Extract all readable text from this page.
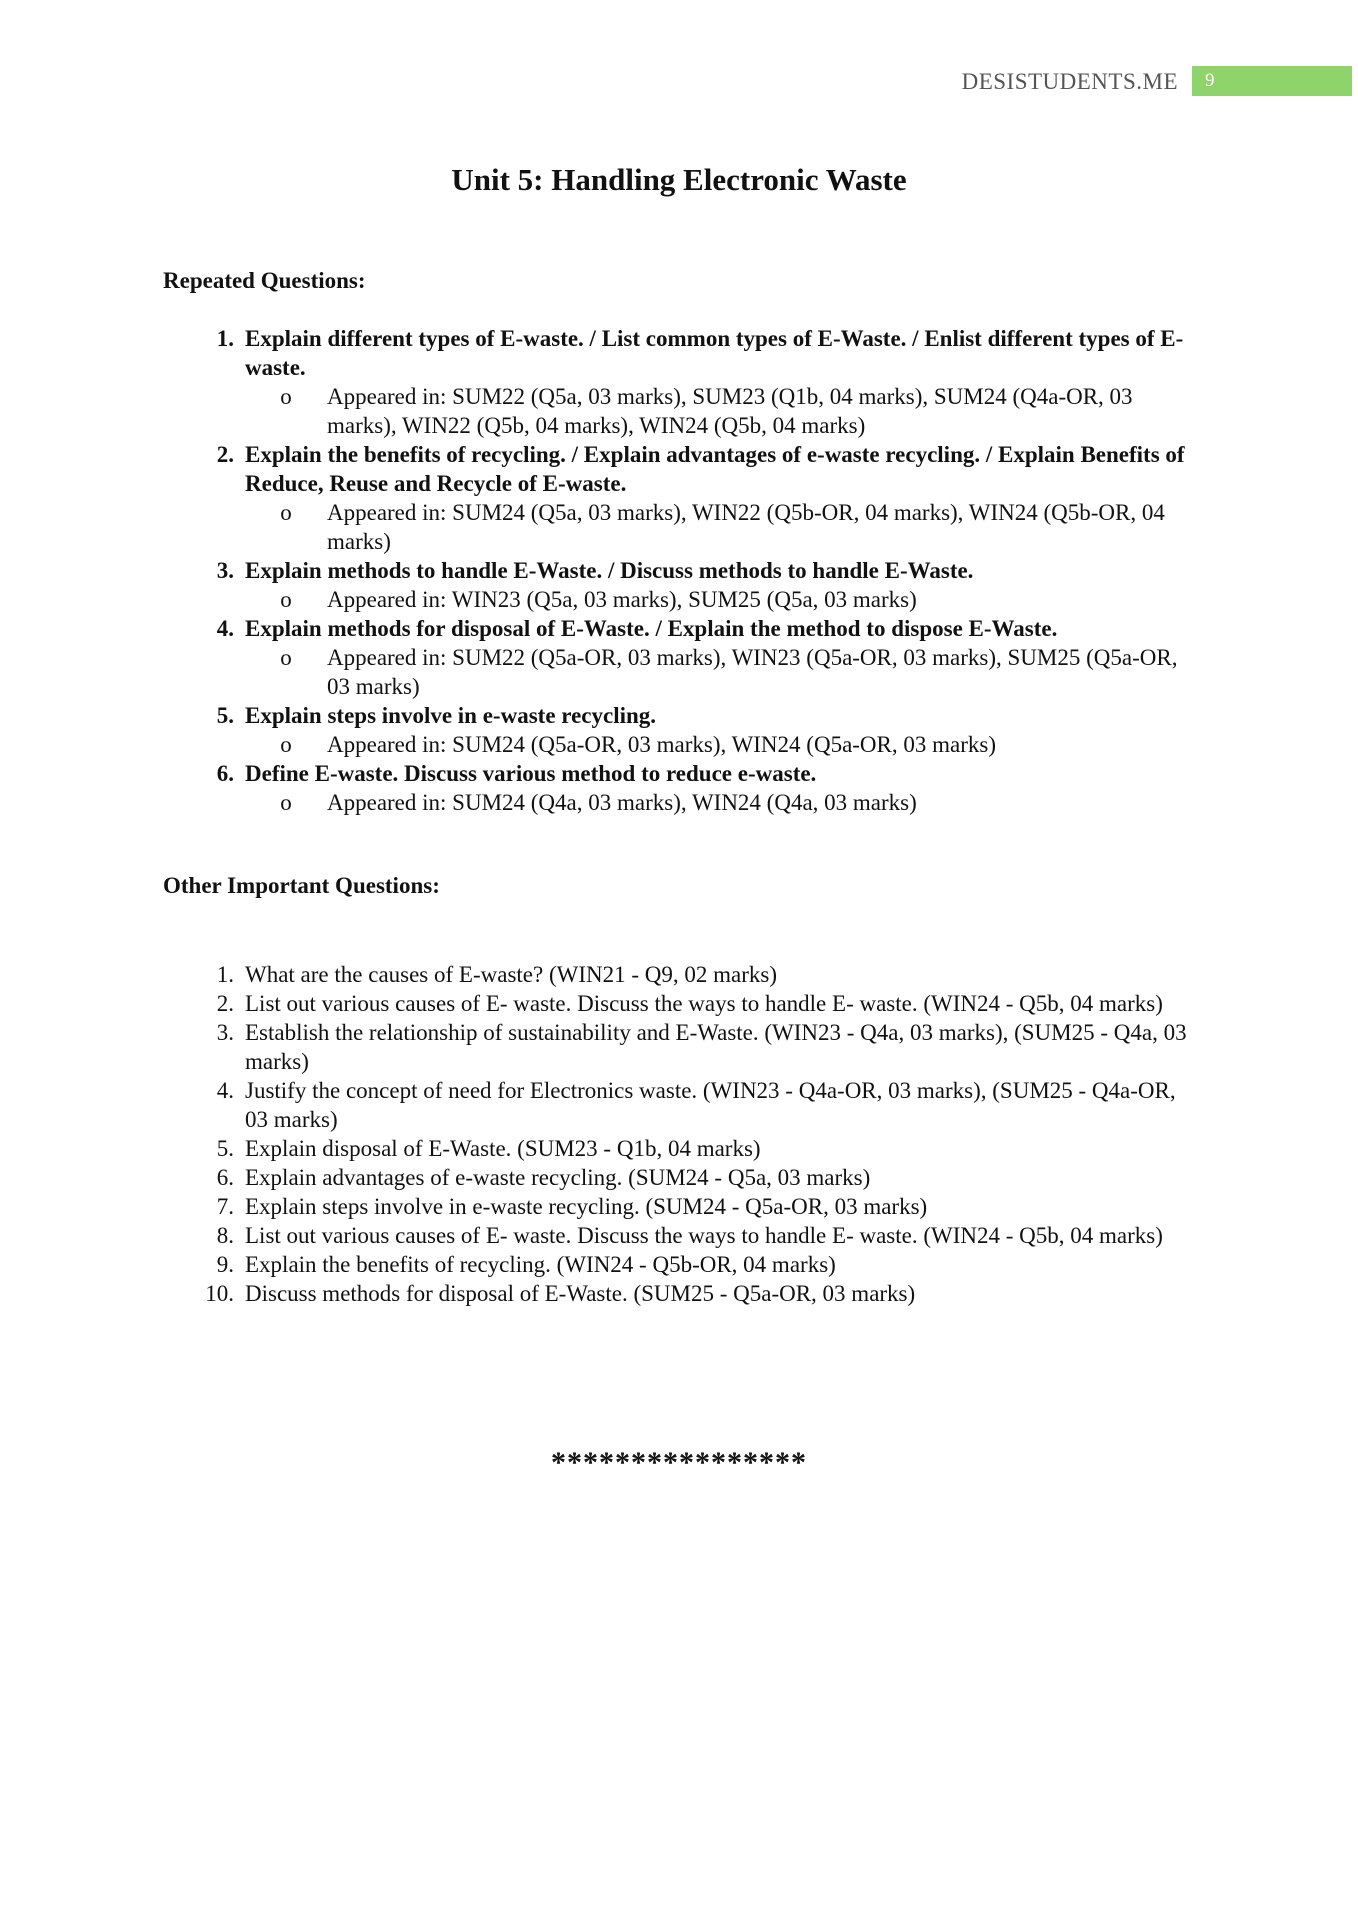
DESISTUDENTS.ME	9
Unit 5: Handling Electronic Waste
Repeated Questions:
1. Explain different types of E-waste. / List common types of E-Waste. / Enlist different types of E-waste.
o	Appeared in: SUM22 (Q5a, 03 marks), SUM23 (Q1b, 04 marks), SUM24 (Q4a-OR, 03 marks), WIN22 (Q5b, 04 marks), WIN24 (Q5b, 04 marks)
2. Explain the benefits of recycling. / Explain advantages of e-waste recycling. / Explain Benefits of Reduce, Reuse and Recycle of E-waste.
o	Appeared in: SUM24 (Q5a, 03 marks), WIN22 (Q5b-OR, 04 marks), WIN24 (Q5b-OR, 04 marks)
3. Explain methods to handle E-Waste. / Discuss methods to handle E-Waste.
o	Appeared in: WIN23 (Q5a, 03 marks), SUM25 (Q5a, 03 marks)
4. Explain methods for disposal of E-Waste. / Explain the method to dispose E-Waste.
o	Appeared in: SUM22 (Q5a-OR, 03 marks), WIN23 (Q5a-OR, 03 marks), SUM25 (Q5a-OR, 03 marks)
5. Explain steps involve in e-waste recycling.
o	Appeared in: SUM24 (Q5a-OR, 03 marks), WIN24 (Q5a-OR, 03 marks)
6. Define E-waste. Discuss various method to reduce e-waste.
o	Appeared in: SUM24 (Q4a, 03 marks), WIN24 (Q4a, 03 marks)
Other Important Questions:
1. What are the causes of E-waste? (WIN21 - Q9, 02 marks)
2. List out various causes of E- waste. Discuss the ways to handle E- waste. (WIN24 - Q5b, 04 marks)
3. Establish the relationship of sustainability and E-Waste. (WIN23 - Q4a, 03 marks), (SUM25 - Q4a, 03 marks)
4. Justify the concept of need for Electronics waste. (WIN23 - Q4a-OR, 03 marks), (SUM25 - Q4a-OR, 03 marks)
5. Explain disposal of E-Waste. (SUM23 - Q1b, 04 marks)
6. Explain advantages of e-waste recycling. (SUM24 - Q5a, 03 marks)
7. Explain steps involve in e-waste recycling. (SUM24 - Q5a-OR, 03 marks)
8. List out various causes of E- waste. Discuss the ways to handle E- waste. (WIN24 - Q5b, 04 marks)
9. Explain the benefits of recycling. (WIN24 - Q5b-OR, 04 marks)
10. Discuss methods for disposal of E-Waste. (SUM25 - Q5a-OR, 03 marks)
****************
